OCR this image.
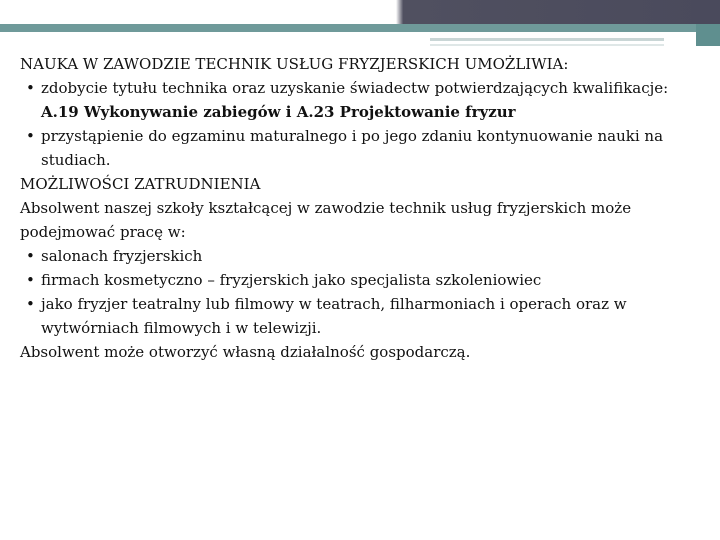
NAUKA W ZAWODZIE TECHNIK USŁUG FRYZJERSKICH UMOŻLIWIA:

• zdobycie tytułu technika oraz uzyskanie świadectw potwierdzających kwalifikacje: A.19 Wykonywanie zabiegów i A.23 Projektowanie fryzur
• przystąpienie do egzaminu maturalnego i po jego zdaniu kontynuowanie nauki na studiach.

MOŻLIWOŚCI ZATRUDNIENIA

Absolwent naszej szkoły kształcącej w zawodzie technik usług fryzjerskich może podejmować pracę w:

• salonach fryzjerskich
• firmach kosmetyczno – fryzjerskich jako specjalista szkoleniowiec
• jako fryzjer teatralny lub filmowy w teatrach, filharmoniach i operach oraz w wytwórniach filmowych i w telewizji.

Absolwent może otworzyć własną działalność gospodarczą.
